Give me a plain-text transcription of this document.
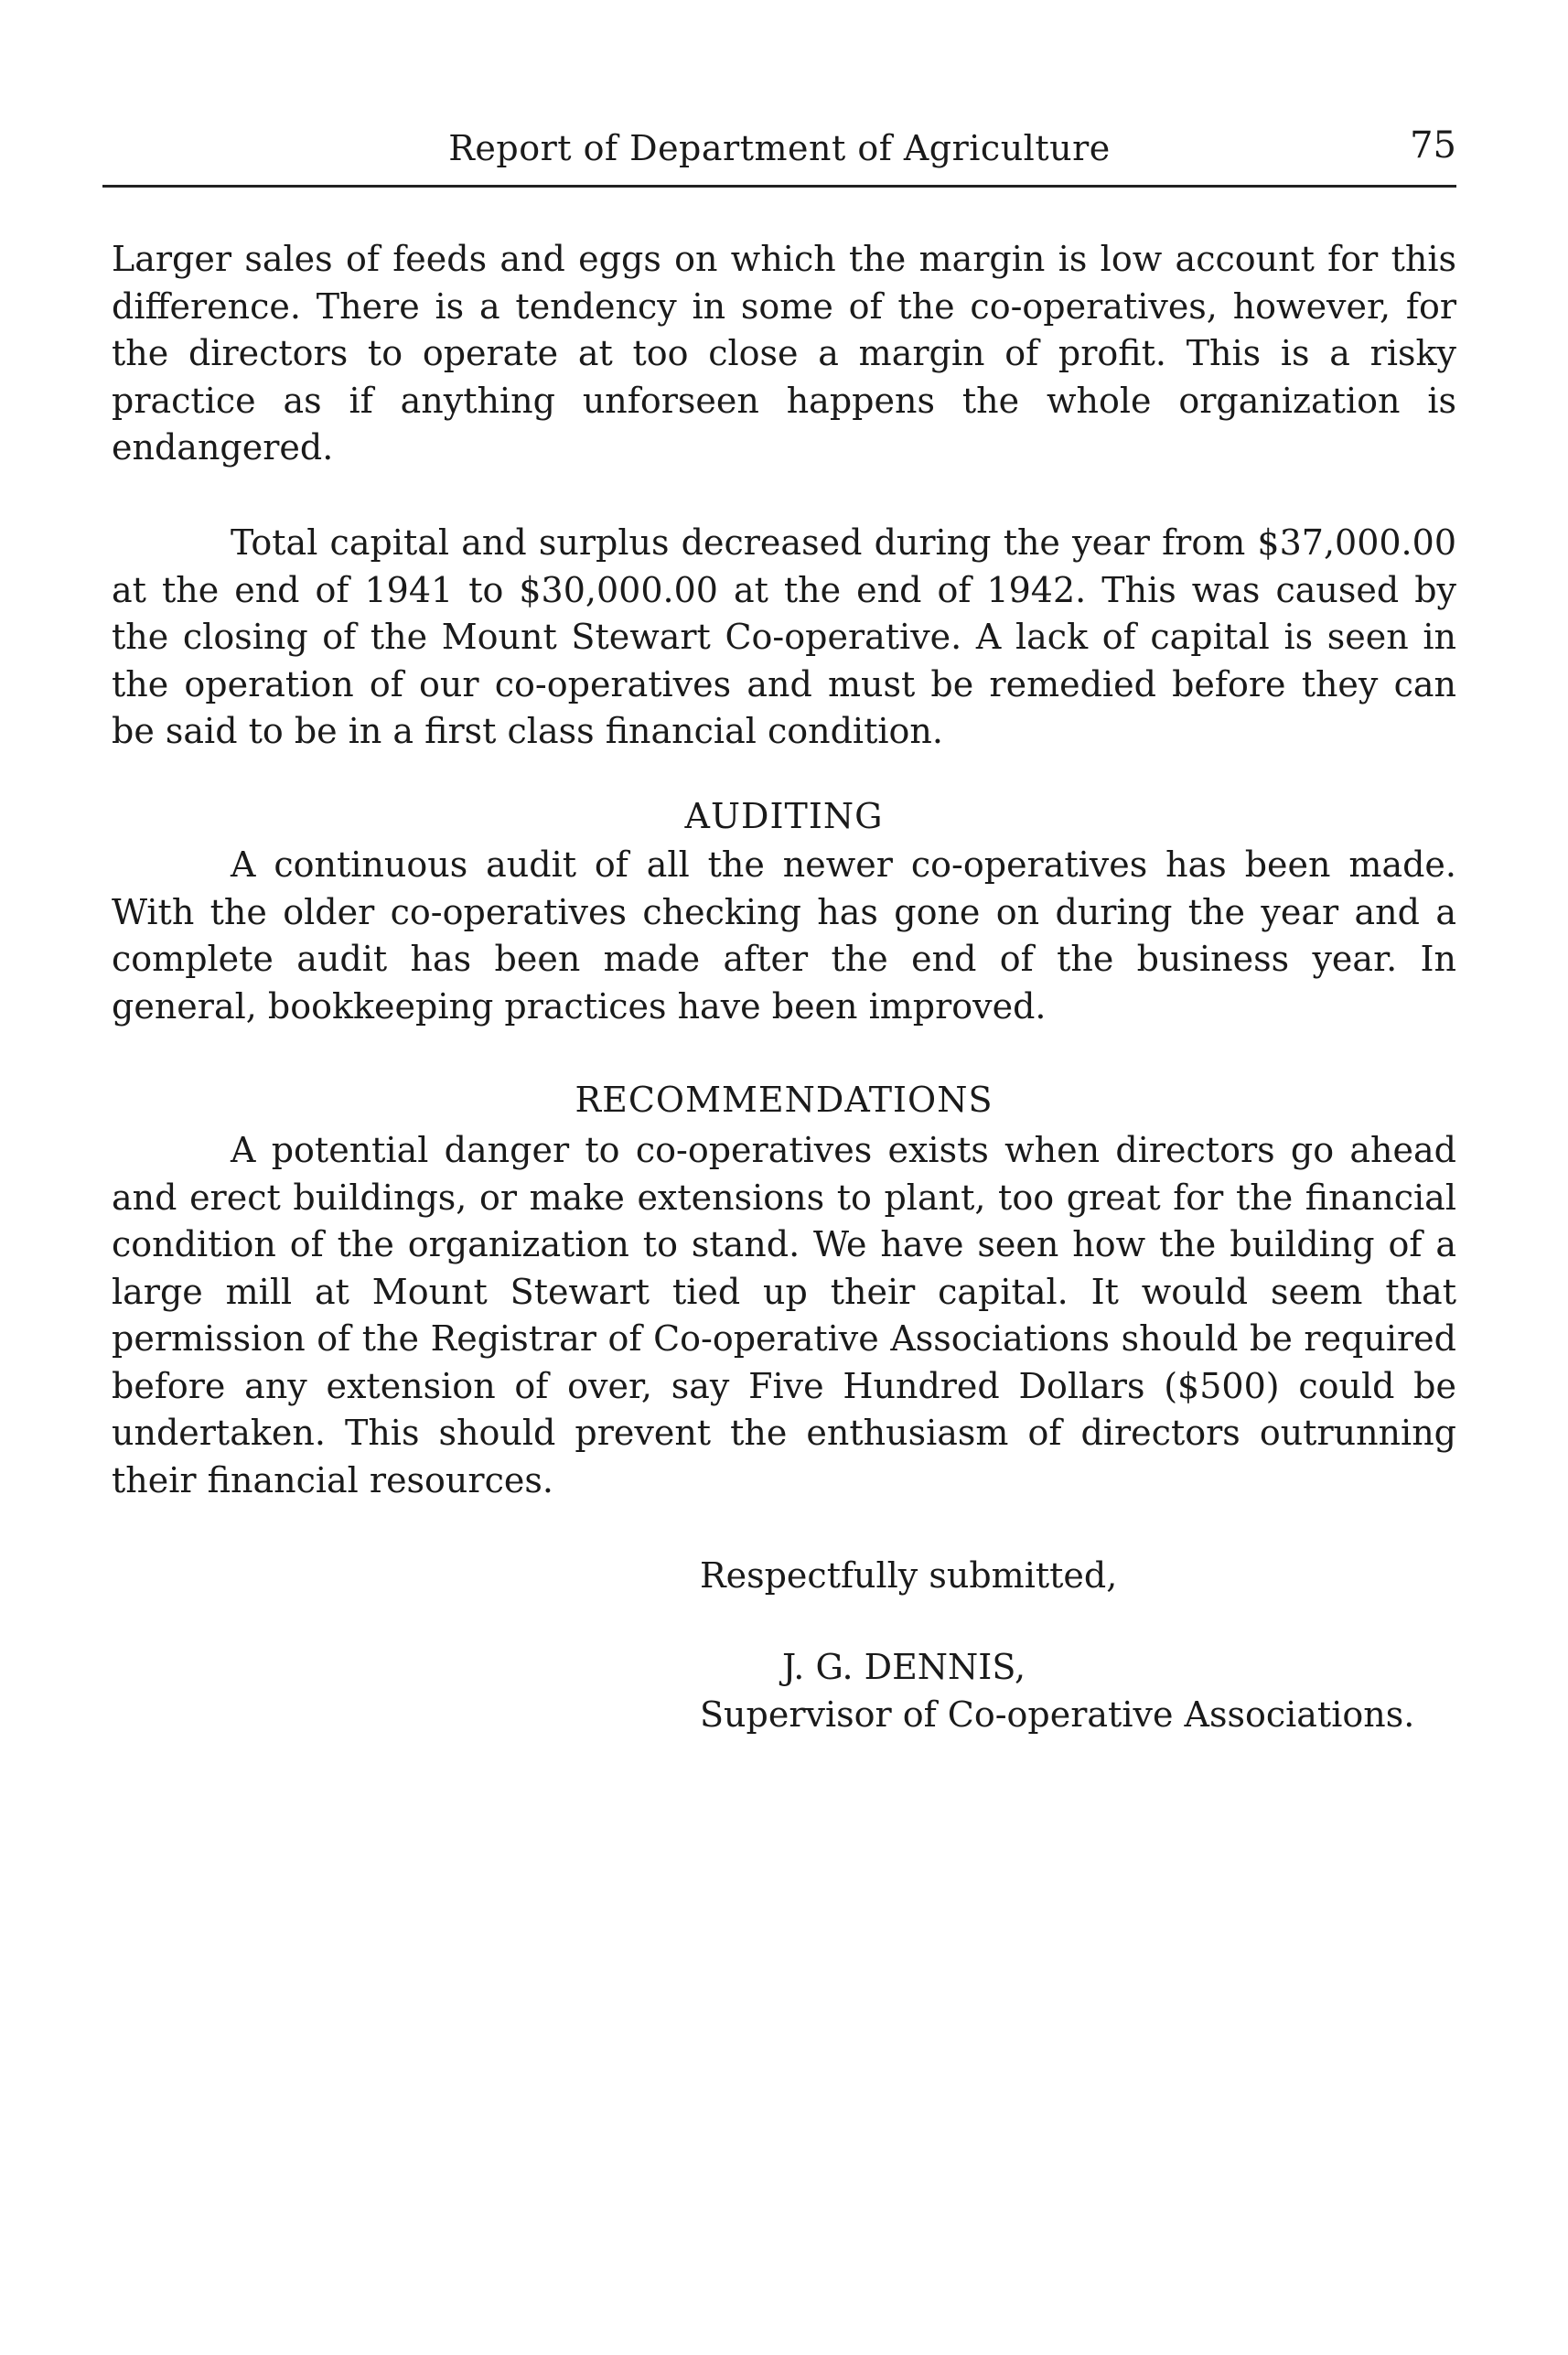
Report of Department of Agriculture	75

Larger sales of feeds and eggs on which the margin is low account for this difference. There is a tendency in some of the co-operatives, however, for the directors to operate at too close a margin of profit. This is a risky practice as if anything unforseen happens the whole organization is endangered.

Total capital and surplus decreased during the year from $37,000.00 at the end of 1941 to $30,000.00 at the end of 1942. This was caused by the closing of the Mount Stewart Co-operative. A lack of capital is seen in the operation of our co-operatives and must be remedied before they can be said to be in a first class financial condition.

AUDITING

A continuous audit of all the newer co-operatives has been made. With the older co-operatives checking has gone on during the year and a complete audit has been made after the end of the business year. In general, bookkeeping practices have been improved.

RECOMMENDATIONS

A potential danger to co-operatives exists when directors go ahead and erect buildings, or make extensions to plant, too great for the financial condition of the organization to stand. We have seen how the building of a large mill at Mount Stewart tied up their capital. It would seem that permission of the Registrar of Co-operative Associations should be required before any extension of over, say Five Hundred Dollars ($500) could be undertaken. This should prevent the enthusiasm of directors outrunning their financial resources.

Respectfully submitted,

J. G. DENNIS,

Supervisor of Co-operative Associations.
